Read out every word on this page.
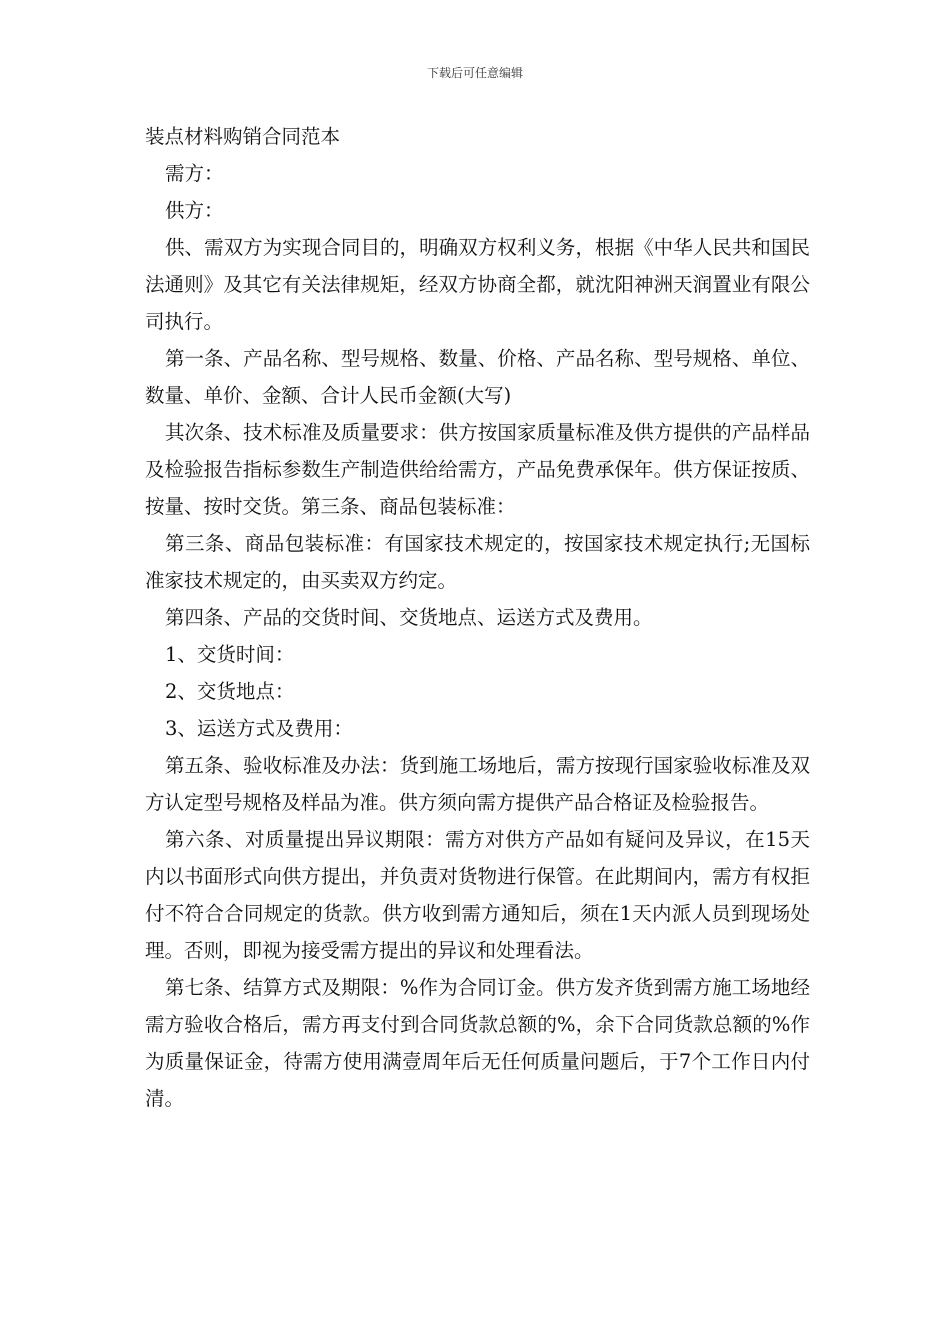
下载后可任意编辑
装点材料购销合同范本

需方：

供方：

供、需双方为实现合同目的，明确双方权利义务，根据《中华人民共和国民法通则》及其它有关法律规矩，经双方协商全都，就沈阳神洲天润置业有限公司执行。

第一条、产品名称、型号规格、数量、价格、产品名称、型号规格、单位、数量、单价、金额、合计人民币金额(大写)

其次条、技术标准及质量要求：供方按国家质量标准及供方提供的产品样品及检验报告指标参数生产制造供给给需方，产品免费承保年。供方保证按质、按量、按时交货。第三条、商品包装标准：

第三条、商品包装标准：有国家技术规定的，按国家技术规定执行;无国标准家技术规定的，由买卖双方约定。

第四条、产品的交货时间、交货地点、运送方式及费用。

1、交货时间：

2、交货地点：

3、运送方式及费用：

第五条、验收标准及办法：货到施工场地后，需方按现行国家验收标准及双方认定型号规格及样品为准。供方须向需方提供产品合格证及检验报告。

第六条、对质量提出异议期限：需方对供方产品如有疑问及异议，在15天内以书面形式向供方提出，并负责对货物进行保管。在此期间内，需方有权拒付不符合合同规定的货款。供方收到需方通知后，须在1天内派人员到现场处理。否则，即视为接受需方提出的异议和处理看法。

第七条、结算方式及期限：%作为合同订金。供方发齐货到需方施工场地经需方验收合格后，需方再支付到合同货款总额的%，余下合同货款总额的%作为质量保证金，待需方使用满壹周年后无任何质量问题后，于7个工作日内付清。
